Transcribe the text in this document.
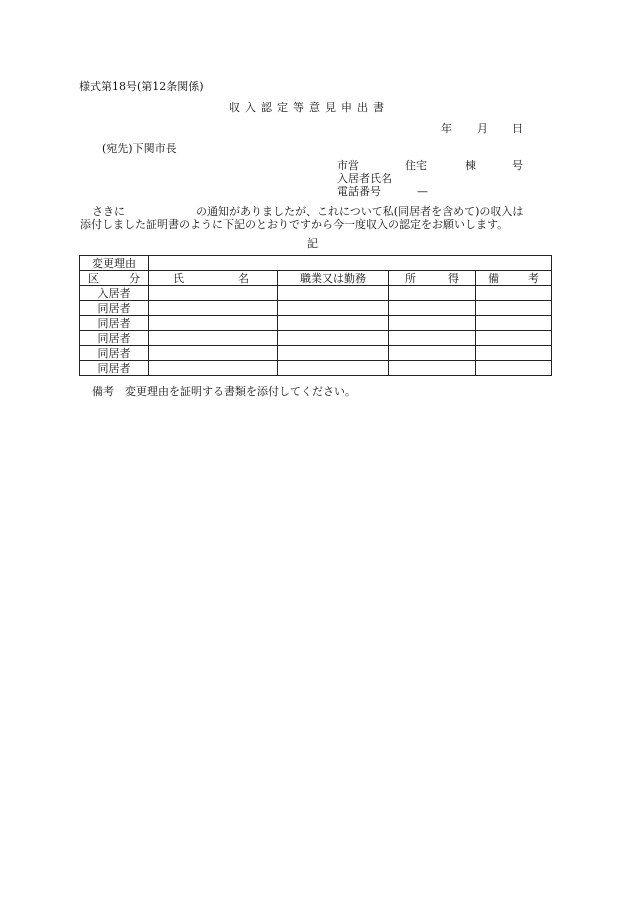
様式第18号(第12条関係)
収入認定等意見申出書
年 月 日
(宛先)下関市長
市営	住宅	棟	号
入居者氏名
電話番号	—
さきに	の通知がありましたが、これについて私(同居者を含めて)の収入は
添付しました証明書のように下記のとおりですから今一度収入の認定をお願いします。
記
変更理由				

区 分	氏 名	職業又は勤務	所 得	備 考

入居者				
同居者				
同居者				
同居者				
同居者				
同居者				
備考　変更理由を証明する書類を添付してください。
